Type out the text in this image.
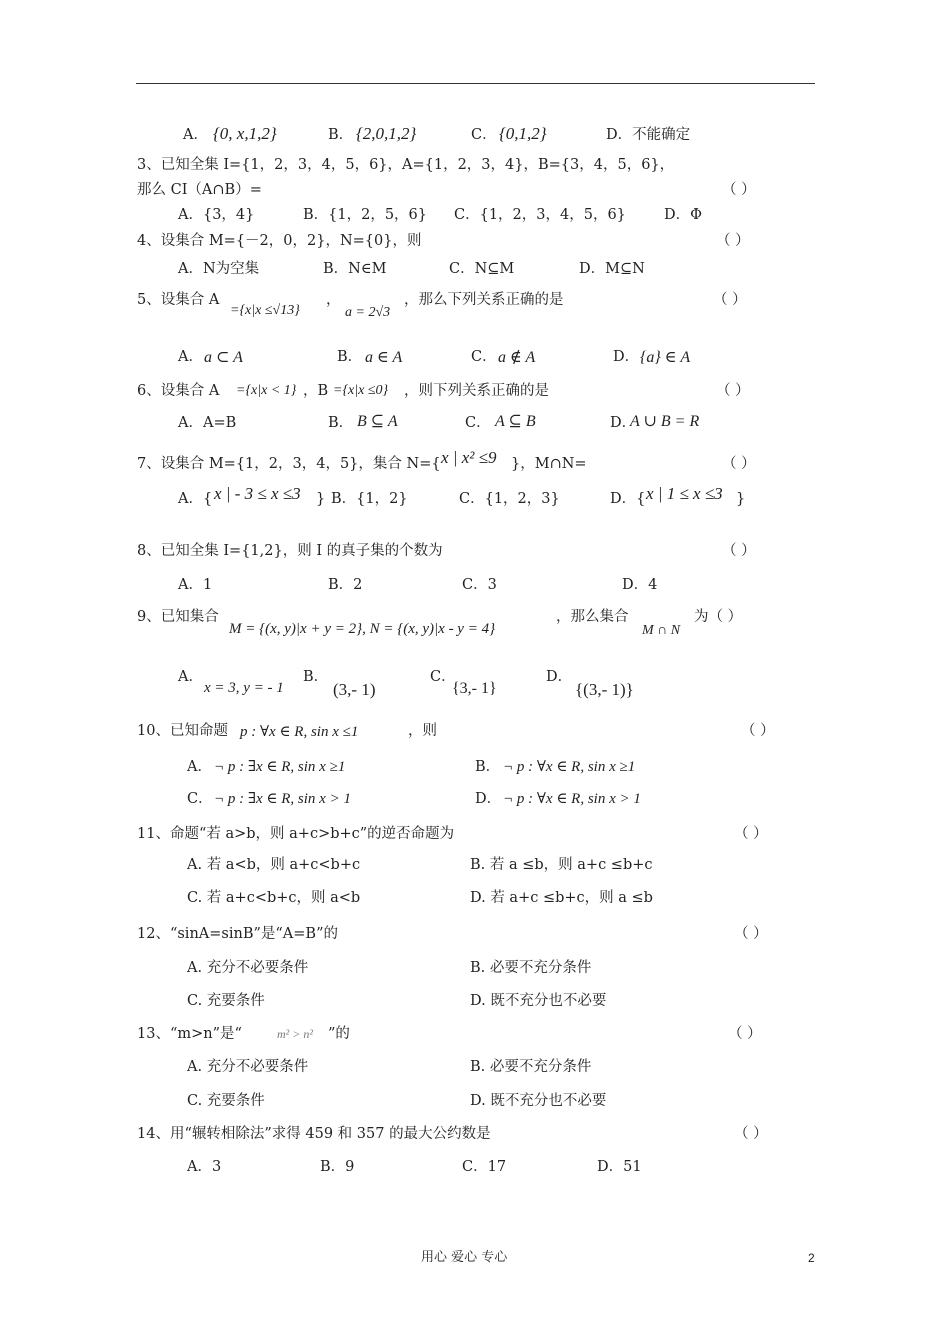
A． {0, x,1,2}	B． {2,0,1,2}	C． {0,1,2}	D．不能确定
3、已知全集 I={1，2，3，4，5，6}，A={1，2，3，4}，B={3，4，5，6}，
那么 CI（A∩B）=	（ ）
A．{3，4}	B．{1，2，5，6} C．{1，2，3，4，5，6}	D．Φ
4、设集合 M={－2，0，2}，N={0}，则	（ ）
A．N为空集	B．N∈M	C．N⊆M	D．M⊆N
5、设集合 A
={x|x ≤√13}
，
a = 2√3
，那么下列关系正确的是	（ ）
A． a ⊂ A	B． a ∈ A	C． a ∉ A	D． {a} ∈ A
6、设集合 A ={x|x < 1} ，B ={x|x ≤0} ，则下列关系正确的是	（ ）
A．A=B	B． B ⊆ A	C． A ⊆ B	D．
A ∪ B = R
7、设集合 M={1，2，3，4，5}，集合 N={ x | x² ≤9 }，M∩N=	（ ）
A．{ x | - 3 ≤ x ≤3 } B．{1，2}	C．{1，2，3}	D．{ x | 1 ≤ x ≤3 }
8、已知全集 I={1,2}，则 I 的真子集的个数为	（ ）
A．1	B．2	C．3	D．4
9、已知集合
M = {(x, y)|x + y = 2}, N = {(x, y)|x - y = 4}
，那么集合
M ∩ N
为（ ）
A．
x = 3, y = - 1
B．
(3,- 1)
C．
{3,- 1}
D．
{(3,- 1)}
10、已知命题 p : ∀x ∈ R, sin x ≤1	，则	（ ）
A． ¬ p : ∃x ∈ R, sin x ≥1	B． ¬ p : ∀x ∈ R, sin x ≥1
C． ¬ p : ∃x ∈ R, sin x > 1	D． ¬ p : ∀x ∈ R, sin x > 1
11、命题“若 a>b，则 a+c>b+c”的逆否命题为	（ ）
A. 若 a<b，则 a+c<b+c	B. 若 a ≤b，则 a+c ≤b+c
C. 若 a+c<b+c，则 a<b	D. 若 a+c ≤b+c，则 a ≤b
12、“sinA=sinB”是“A=B”的	（ ）
A. 充分不必要条件	B. 必要不充分条件
C. 充要条件	D. 既不充分也不必要
13、“m>n”是“	m² > n² ”的	（ ）
A. 充分不必要条件	B. 必要不充分条件
C. 充要条件	D. 既不充分也不必要
14、用“辗转相除法”求得 459 和 357 的最大公约数是	（ ）
A．3	B．9	C．17	D．51
用心 爱心 专心	2
